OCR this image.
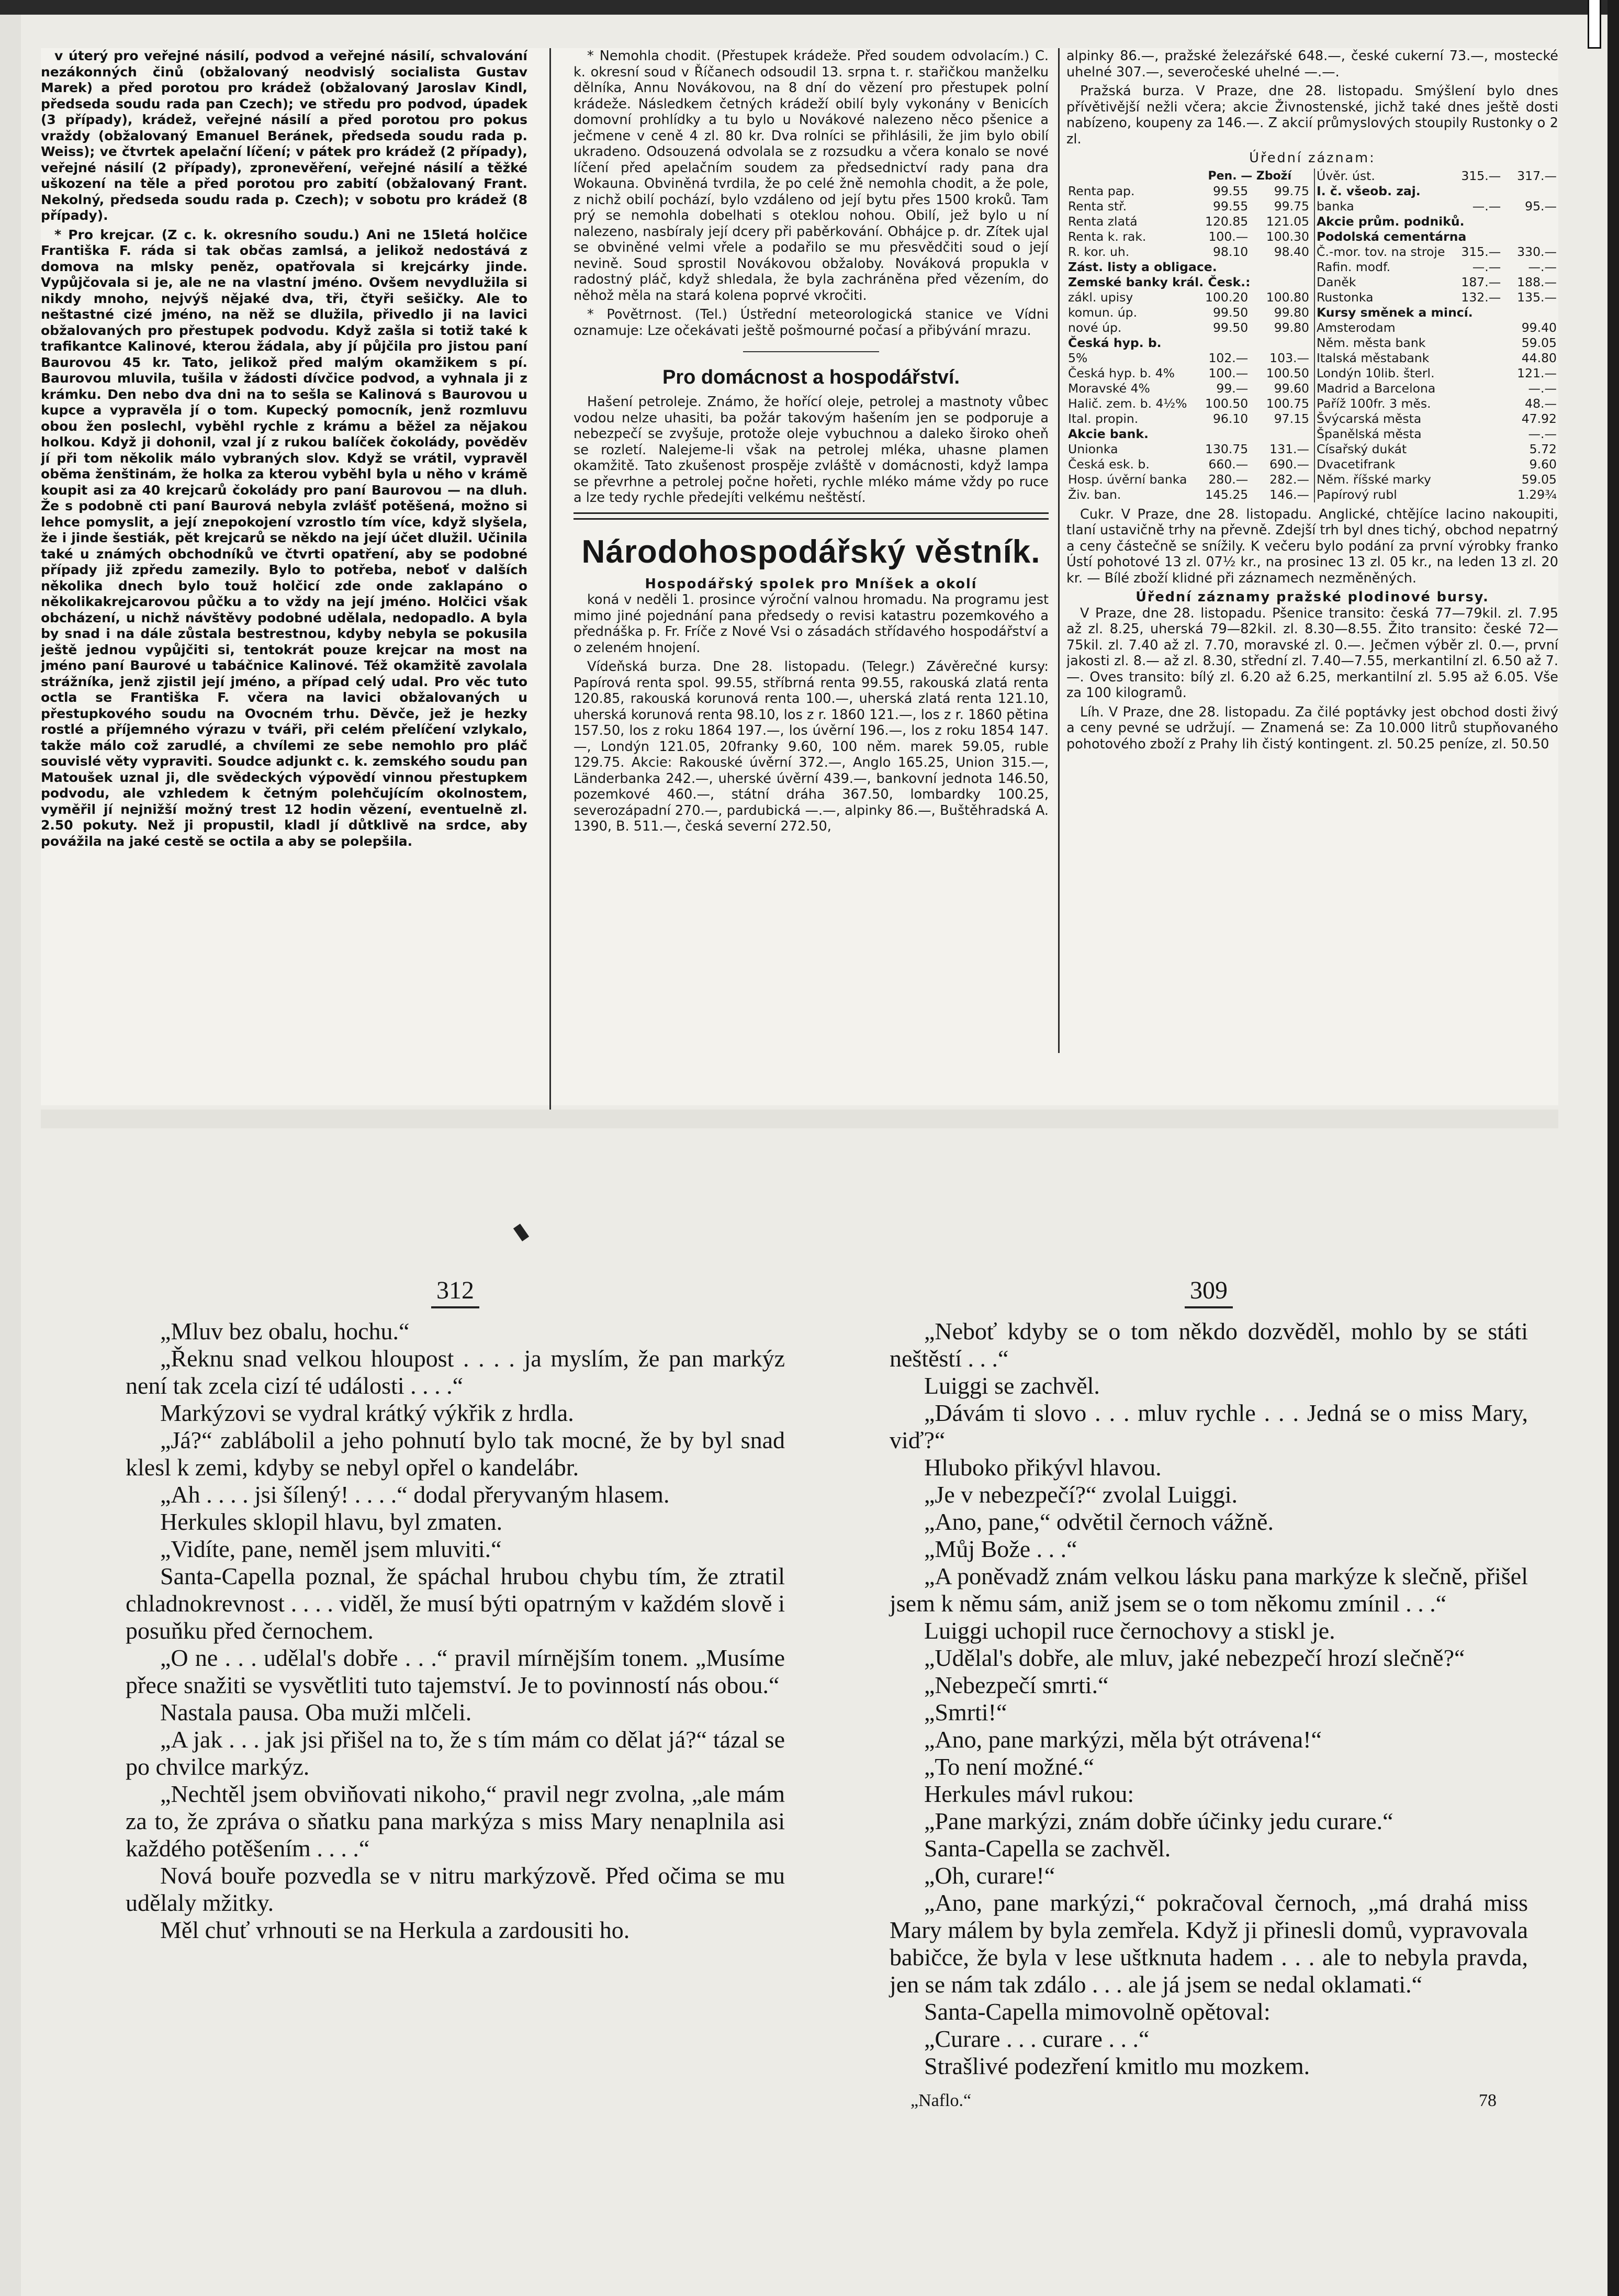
v úterý pro veřejné násilí, podvod a veřejné násilí, schvalování nezákonných činů (obžalovaný neodvislý socialista Gustav Marek) a před porotou pro krádež (obžalovaný Jaroslav Kindl, předseda soudu rada pan Czech); ve středu pro podvod, úpadek (3 případy), krádež, veřejné násilí a před porotou pro pokus vraždy (obžalovaný Emanuel Beránek, předseda soudu rada p. Weiss); ve čtvrtek apelační líčení; v pátek pro krádež (2 případy), veřejné násilí (2 případy), zpronevěření, veřejné násilí a těžké uškození na těle a před porotou pro zabití (obžalovaný Frant. Nekolný, předseda soudu rada p. Czech); v sobotu pro krádež (8 případy).

* Pro krejcar. (Z c. k. okresního soudu.) Ani ne 15letá holčice Františka F. ráda si tak občas zamlsá, a jelikož nedostává z domova na mlsky peněz, opatřovala si krejcárky jinde. Vypůjčovala si je, ale ne na vlastní jméno. Ovšem nevydlužila si nikdy mnoho, nejvýš nějaké dva, tři, čtyři sešičky. Ale to neštastné cizé jméno, na něž se dlužila, přivedlo ji na lavici obžalovaných pro přestupek podvodu. Když zašla si totiž také k trafikantce Kalinové, kterou žádala, aby jí půjčila pro jistou paní Baurovou 45 kr. Tato, jelikož před malým okamžikem s pí. Baurovou mluvila, tušila v žádosti dívčice podvod, a vyhnala ji z krámku. Den nebo dva dni na to sešla se Kalinová s Baurovou u kupce a vypravěla jí o tom. Kupecký pomocník, jenž rozmluvu obou žen poslechl, vyběhl rychle z krámu a běžel za nějakou holkou. Když ji dohonil, vzal jí z rukou balíček čokolády, pověděv jí při tom několik málo vybraných slov. Když se vrátil, vypravěl oběma ženštinám, že holka za kterou vyběhl byla u něho v krámě koupit asi za 40 krejcarů čokolády pro paní Baurovou — na dluh. Že s podobně cti paní Baurová nebyla zvlášť potěšená, možno si lehce pomyslit, a její znepokojení vzrostlo tím více, když slyšela, že i jinde šestiák, pět krejcarů se někdo na její účet dlužil. Učinila také u známých obchodníků ve čtvrti opatření, aby se podobné případy již zpředu zamezily. Bylo to potřeba, neboť v dalších několika dnech bylo touž holčicí zde onde zaklapáno o několikakrejcarovou půčku a to vždy na její jméno. Holčici však obcházení, u nichž návštěvy podobné udělala, nedopadlo. A byla by snad i na dále zůstala bestrestnou, kdyby nebyla se pokusila ještě jednou vypůjčiti si, tentokrát pouze krejcar na most na jméno paní Baurové u tabáčnice Kalinové. Též okamžitě zavolala strážníka, jenž zjistil její jméno, a případ celý udal. Pro věc tuto octla se Františka F. včera na lavici obžalovaných u přestupkového soudu na Ovocném trhu. Děvče, jež je hezky rostlé a příjemného výrazu v tváři, při celém přelíčení vzlykalo, takže málo což zarudlé, a chvílemi ze sebe nemohlo pro pláč souvislé věty vypraviti. Soudce adjunkt c. k. zemského soudu pan Matoušek uznal ji, dle svědeckých výpovědí vinnou přestupkem podvodu, ale vzhledem k četným polehčujícím okolnostem, vyměřil jí nejnižší možný trest 12 hodin vězení, eventuelně zl. 2.50 pokuty. Než ji propustil, kladl jí důtklivě na srdce, aby povážila na jaké cestě se octila a aby se polepšila.

* Nemohla chodit. (Přestupek krádeže. Před soudem odvolacím.) C. k. okresní soud v Říčanech odsoudil 13. srpna t. r. stařičkou manželku dělníka, Annu Novákovou, na 8 dní do vězení pro přestupek polní krádeže. Následkem četných krádeží obilí byly vykonány v Benicích domovní prohlídky a tu bylo u Novákové nalezeno něco pšenice a ječmene v ceně 4 zl. 80 kr. Dva rolníci se přihlásili, že jim bylo obilí ukradeno. Odsouzená odvolala se z rozsudku a včera konalo se nové líčení před apelačním soudem za předsednictví rady pana dra Wokauna. Obviněná tvrdila, že po celé žně nemohla chodit, a že pole, z nichž obilí pochází, bylo vzdáleno od její bytu přes 1500 kroků. Tam prý se nemohla dobelhati s oteklou nohou. Obilí, jež bylo u ní nalezeno, nasbíraly její dcery při paběrkování. Obhájce p. dr. Zítek ujal se obviněné velmi vřele a podařilo se mu přesvědčiti soud o její nevině. Soud sprostil Novákovou obžaloby. Nováková propukla v radostný pláč, když shledala, že byla zachráněna před vězením, do něhož měla na stará kolena poprvé vkročiti.

* Povětrnost. (Tel.) Ústřední meteorologická stanice ve Vídni oznamuje: Lze očekávati ještě pošmourné počasí a přibývání mrazu.

Pro domácnost a hospodářství.

Hašení petroleje. Známo, že hořící oleje, petrolej a mastnoty vůbec vodou nelze uhasiti, ba požár takovým hašením jen se podporuje a nebezpečí se zvyšuje, protože oleje vybuchnou a daleko široko oheň se rozletí. Nalejeme-li však na petrolej mléka, uhasne plamen okamžitě. Tato zkušenost prospěje zvláště v domácnosti, když lampa se převrhne a petrolej počne hořeti, rychle mléko máme vždy po ruce a lze tedy rychle předejíti velkému neštěstí.

Národohospodářský věstník.
Hospodářský spolek pro Mníšek a okolí

koná v neděli 1. prosince výroční valnou hromadu. Na programu jest mimo jiné pojednání pana předsedy o revisi katastru pozemkového a přednáška p. Fr. Fríče z Nové Vsi o zásadách střídavého hospodářství a o zeleném hnojení.

Vídeňská burza. Dne 28. listopadu. (Telegr.) Závěrečné kursy: Papírová renta spol. 99.55, stříbrná renta 99.55, rakouská zlatá renta 120.85, rakouská korunová renta 100.—, uherská zlatá renta 121.10, uherská korunová renta 98.10, los z r. 1860 121.—, los z r. 1860 pětina 157.50, los z roku 1864 197.—, los úvěrní 196.—, los z roku 1854 147.—, Londýn 121.05, 20franky 9.60, 100 něm. marek 59.05, ruble 129.75. Akcie: Rakouské úvěrní 372.—, Anglo 165.25, Union 315.—, Länderbanka 242.—, uherské úvěrní 439.—, bankovní jednota 146.50, pozemkové 460.—, státní dráha 367.50, lombardky 100.25, severozápadní 270.—, pardubická —.—, alpinky 86.—, Buštěhradská A. 1390, B. 511.—, česká severní 272.50,

alpinky 86.—, pražské železářské 648.—, české cukerní 73.—, mostecké uhelné 307.—, severočeské uhelné —.—.

Pražská burza. V Praze, dne 28. listopadu. Smýšlení bylo dnes přívětivější nežli včera; akcie Živnostenské, jichž také dnes ještě dosti nabízeno, koupeny za 146.—. Z akcií průmyslových stoupily Rustonky o 2 zl.

Úřední záznam:
	Pen. — Zboží	
Renta pap.	99.55	99.75
Renta stř.	99.55	99.75
Renta zlatá	120.85	121.05
Renta k. rak.	100.—	100.30
R. kor. uh.	98.10	98.40
Zást. listy a obligace.		
Zemské banky král. Česk.:		
zákl. upisy	100.20	100.80
komun. úp.	99.50	99.80
nové úp.	99.50	99.80
Česká hyp. b.		
5%	102.—	103.—
Česká hyp. b. 4%	100.—	100.50
Moravské 4%	99.—	99.60
Halič. zem. b. 4½%	100.50	100.75
Ital. propin.	96.10	97.15
Akcie bank.		
Unionka	130.75	131.—
Česká esk. b.	660.—	690.—
Hosp. úvěrní banka	280.—	282.—
Živ. ban.	145.25	146.—
Úvěr. úst.	315.—	317.—
I. č. všeob. zaj.		
banka	—.—	95.—
Akcie prům. podniků.		
Podolská cementárna		
Č.-mor. tov. na stroje	315.—	330.—
Rafin. modf.	—.—	—.—
Daněk	187.—	188.—
Rustonka	132.—	135.—
Kursy směnek a mincí.		
Amsterodam		99.40
Něm. města bank		59.05
Italská městabank		44.80
Londýn 10lib. šterl.		121.—
Madrid a Barcelona		—.—
Paříž 100fr. 3 měs.		48.—
Švýcarská města		47.92
Španělská města		—.—
Císařský dukát		5.72
Dvacetifrank		9.60
Něm. říšské marky		59.05
Papírový rubl		1.29¾

Cukr. V Praze, dne 28. listopadu. Anglické, chtějíce lacino nakoupiti, tlaní ustavičně trhy na převně. Zdejší trh byl dnes tichý, obchod nepatrný a ceny částečně se snížily. K večeru bylo podání za první výrobky franko Ústí pohotové 13 zl. 07½ kr., na prosinec 13 zl. 05 kr., na leden 13 zl. 20 kr. — Bílé zboží klidné při záznamech nezměněných.

Úřední záznamy pražské plodinové bursy.

V Praze, dne 28. listopadu. Pšenice transito: česká 77—79kil. zl. 7.95 až zl. 8.25, uherská 79—82kil. zl. 8.30—8.55. Žito transito: české 72—75kil. zl. 7.40 až zl. 7.70, moravské zl. 0.—. Ječmen výběr zl. 0.—, první jakosti zl. 8.— až zl. 8.30, střední zl. 7.40—7.55, merkantilní zl. 6.50 až 7.—. Oves transito: bílý zl. 6.20 až 6.25, merkantilní zl. 5.95 až 6.05. Vše za 100 kilogramů.

Líh. V Praze, dne 28. listopadu. Za čilé poptávky jest obchod dosti živý a ceny pevné se udržují. — Znamená se: Za 10.000 litrů stupňovaného pohotového zboží z Prahy lih čistý kontingent. zl. 50.25 peníze, zl. 50.50

312

„Mluv bez obalu, hochu.“

„Řeknu snad velkou hloupost . . . . ja myslím, že pan markýz není tak zcela cizí té události . . . .“

Markýzovi se vydral krátký výkřik z hrdla.

„Já?“ zablábolil a jeho pohnutí bylo tak mocné, že by byl snad klesl k zemi, kdyby se nebyl opřel o kandelábr.

„Ah . . . . jsi šílený! . . . .“ dodal přeryvaným hlasem.

Herkules sklopil hlavu, byl zmaten.

„Vidíte, pane, neměl jsem mluviti.“

Santa-Capella poznal, že spáchal hrubou chybu tím, že ztratil chladnokrevnost . . . . viděl, že musí býti opatrným v každém slově i posuňku před černochem.

„O ne . . . udělal's dobře . . .“ pravil mírnějším tonem. „Musíme přece snažiti se vysvětliti tuto tajemství. Je to povinností nás obou.“

Nastala pausa. Oba muži mlčeli.

„A jak . . . jak jsi přišel na to, že s tím mám co dělat já?“ tázal se po chvilce markýz.

„Nechtěl jsem obviňovati nikoho,“ pravil negr zvolna, „ale mám za to, že zpráva o sňatku pana markýza s miss Mary nenaplnila asi každého potěšením . . . .“

Nová bouře pozvedla se v nitru markýzově. Před očima se mu udělaly mžitky.

Měl chuť vrhnouti se na Herkula a zardousiti ho.

309

„Neboť kdyby se o tom někdo dozvěděl, mohlo by se státi neštěstí . . .“

Luiggi se zachvěl.

„Dávám ti slovo . . . mluv rychle . . . Jedná se o miss Mary, viď?“

Hluboko přikývl hlavou.

„Je v nebezpečí?“ zvolal Luiggi.

„Ano, pane,“ odvětil černoch vážně.

„Můj Bože . . .“

„A poněvadž znám velkou lásku pana markýze k slečně, přišel jsem k němu sám, aniž jsem se o tom někomu zmínil . . .“

Luiggi uchopil ruce černochovy a stiskl je.

„Udělal's dobře, ale mluv, jaké nebezpečí hrozí slečně?“

„Nebezpečí smrti.“

„Smrti!“

„Ano, pane markýzi, měla být otrávena!“

„To není možné.“

Herkules mávl rukou:

„Pane markýzi, znám dobře účinky jedu curare.“

Santa-Capella se zachvěl.

„Oh, curare!“

„Ano, pane markýzi,“ pokračoval černoch, „má drahá miss Mary málem by byla zemřela. Když ji přinesli domů, vypravovala babičce, že byla v lese uštknuta hadem . . . ale to nebyla pravda, jen se nám tak zdálo . . . ale já jsem se nedal oklamati.“

Santa-Capella mimovolně opětoval:

„Curare . . . curare . . .“

Strašlivé podezření kmitlo mu mozkem.

„Naflo.“	78
